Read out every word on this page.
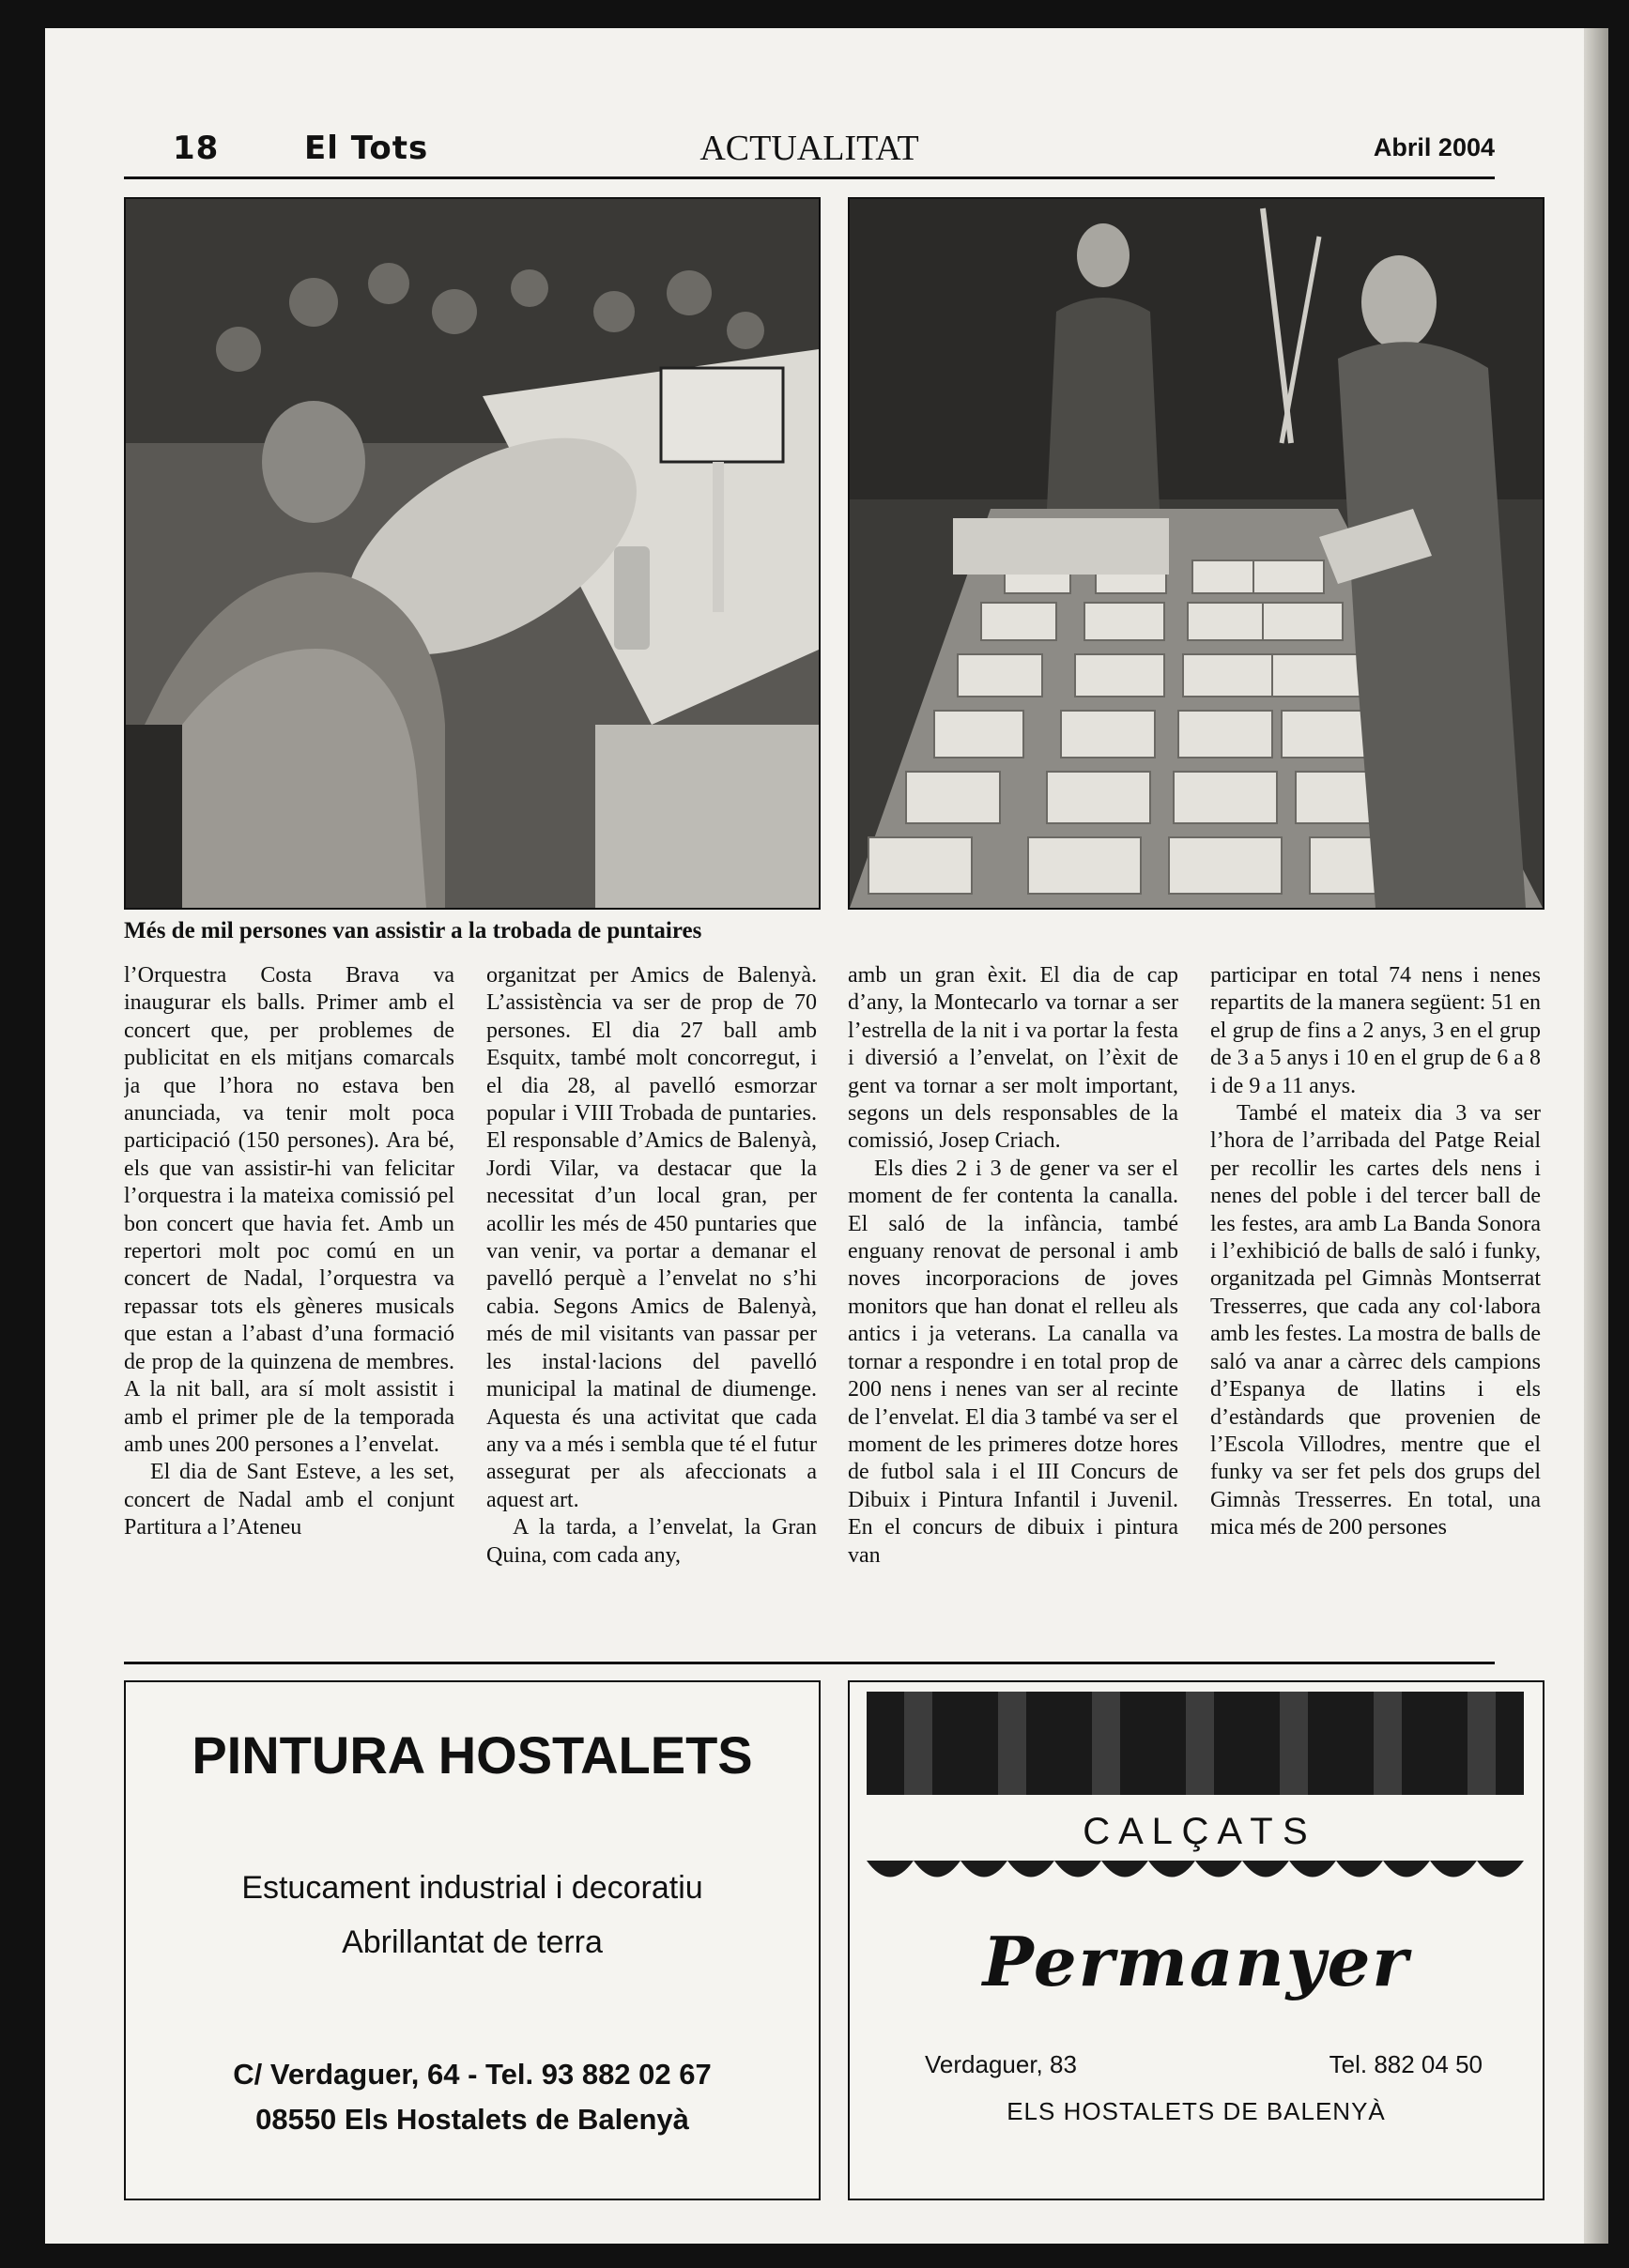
18	El Tots	ACTUALITAT	Abril 2004
Més de mil persones van assistir a la trobada de puntaires

l’Orquestra Costa Brava va inaugurar els balls. Primer amb el concert que, per problemes de publicitat en els mitjans comarcals ja que l’hora no estava ben anunciada, va tenir molt poca participació (150 persones). Ara bé, els que van assistir-hi van felicitar l’orquestra i la mateixa comissió pel bon concert que havia fet. Amb un repertori molt poc comú en un concert de Nadal, l’orquestra va repassar tots els gèneres musicals que estan a l’abast d’una formació de prop de la quinzena de membres. A la nit ball, ara sí molt assistit i amb el primer ple de la temporada amb unes 200 persones a l’envelat.

El dia de Sant Esteve, a les set, concert de Nadal amb el conjunt Partitura a l’Ateneu

organitzat per Amics de Balenyà. L’assistència va ser de prop de 70 persones. El dia 27 ball amb Esquitx, també molt concorregut, i el dia 28, al pavelló esmorzar popular i VIII Trobada de puntaries. El responsable d’Amics de Balenyà, Jordi Vilar, va destacar que la necessitat d’un local gran, per acollir les més de 450 puntaries que van venir, va portar a demanar el pavelló perquè a l’envelat no s’hi cabia. Segons Amics de Balenyà, més de mil visitants van passar per les instal·lacions del pavelló municipal la matinal de diumenge. Aquesta és una activitat que cada any va a més i sembla que té el futur assegurat per als afeccionats a aquest art.

A la tarda, a l’envelat, la Gran Quina, com cada any,

amb un gran èxit. El dia de cap d’any, la Montecarlo va tornar a ser l’estrella de la nit i va portar la festa i diversió a l’envelat, on l’èxit de gent va tornar a ser molt important, segons un dels responsables de la comissió, Josep Criach.

Els dies 2 i 3 de gener va ser el moment de fer contenta la canalla. El saló de la infància, també enguany renovat de personal i amb noves incorporacions de joves monitors que han donat el relleu als antics i ja veterans. La canalla va tornar a respondre i en total prop de 200 nens i nenes van ser al recinte de l’envelat. El dia 3 també va ser el moment de les primeres dotze hores de futbol sala i el III Concurs de Dibuix i Pintura Infantil i Juvenil. En el concurs de dibuix i pintura van

participar en total 74 nens i nenes repartits de la manera següent: 51 en el grup de fins a 2 anys, 3 en el grup de 3 a 5 anys i 10 en el grup de 6 a 8 i de 9 a 11 anys.

També el mateix dia 3 va ser l’hora de l’arribada del Patge Reial per recollir les cartes dels nens i nenes del poble i del tercer ball de les festes, ara amb La Banda Sonora i l’exhibició de balls de saló i funky, organitzada pel Gimnàs Montserrat Tresserres, que cada any col·labora amb les festes. La mostra de balls de saló va anar a càrrec dels campions d’Espanya de llatins i els d’estàndards que provenien de l’Escola Villodres, mentre que el funky va ser fet pels dos grups del Gimnàs Tresserres. En total, una mica més de 200 persones

PINTURA HOSTALETS
Estucament industrial i decoratiu
Abrillantat de terra
C/ Verdaguer, 64 - Tel. 93 882 02 67
08550 Els Hostalets de Balenyà
C A L Ç A T S
Permanyer
Verdaguer, 83	Tel. 882 04 50
ELS HOSTALETS DE BALENYÀ
